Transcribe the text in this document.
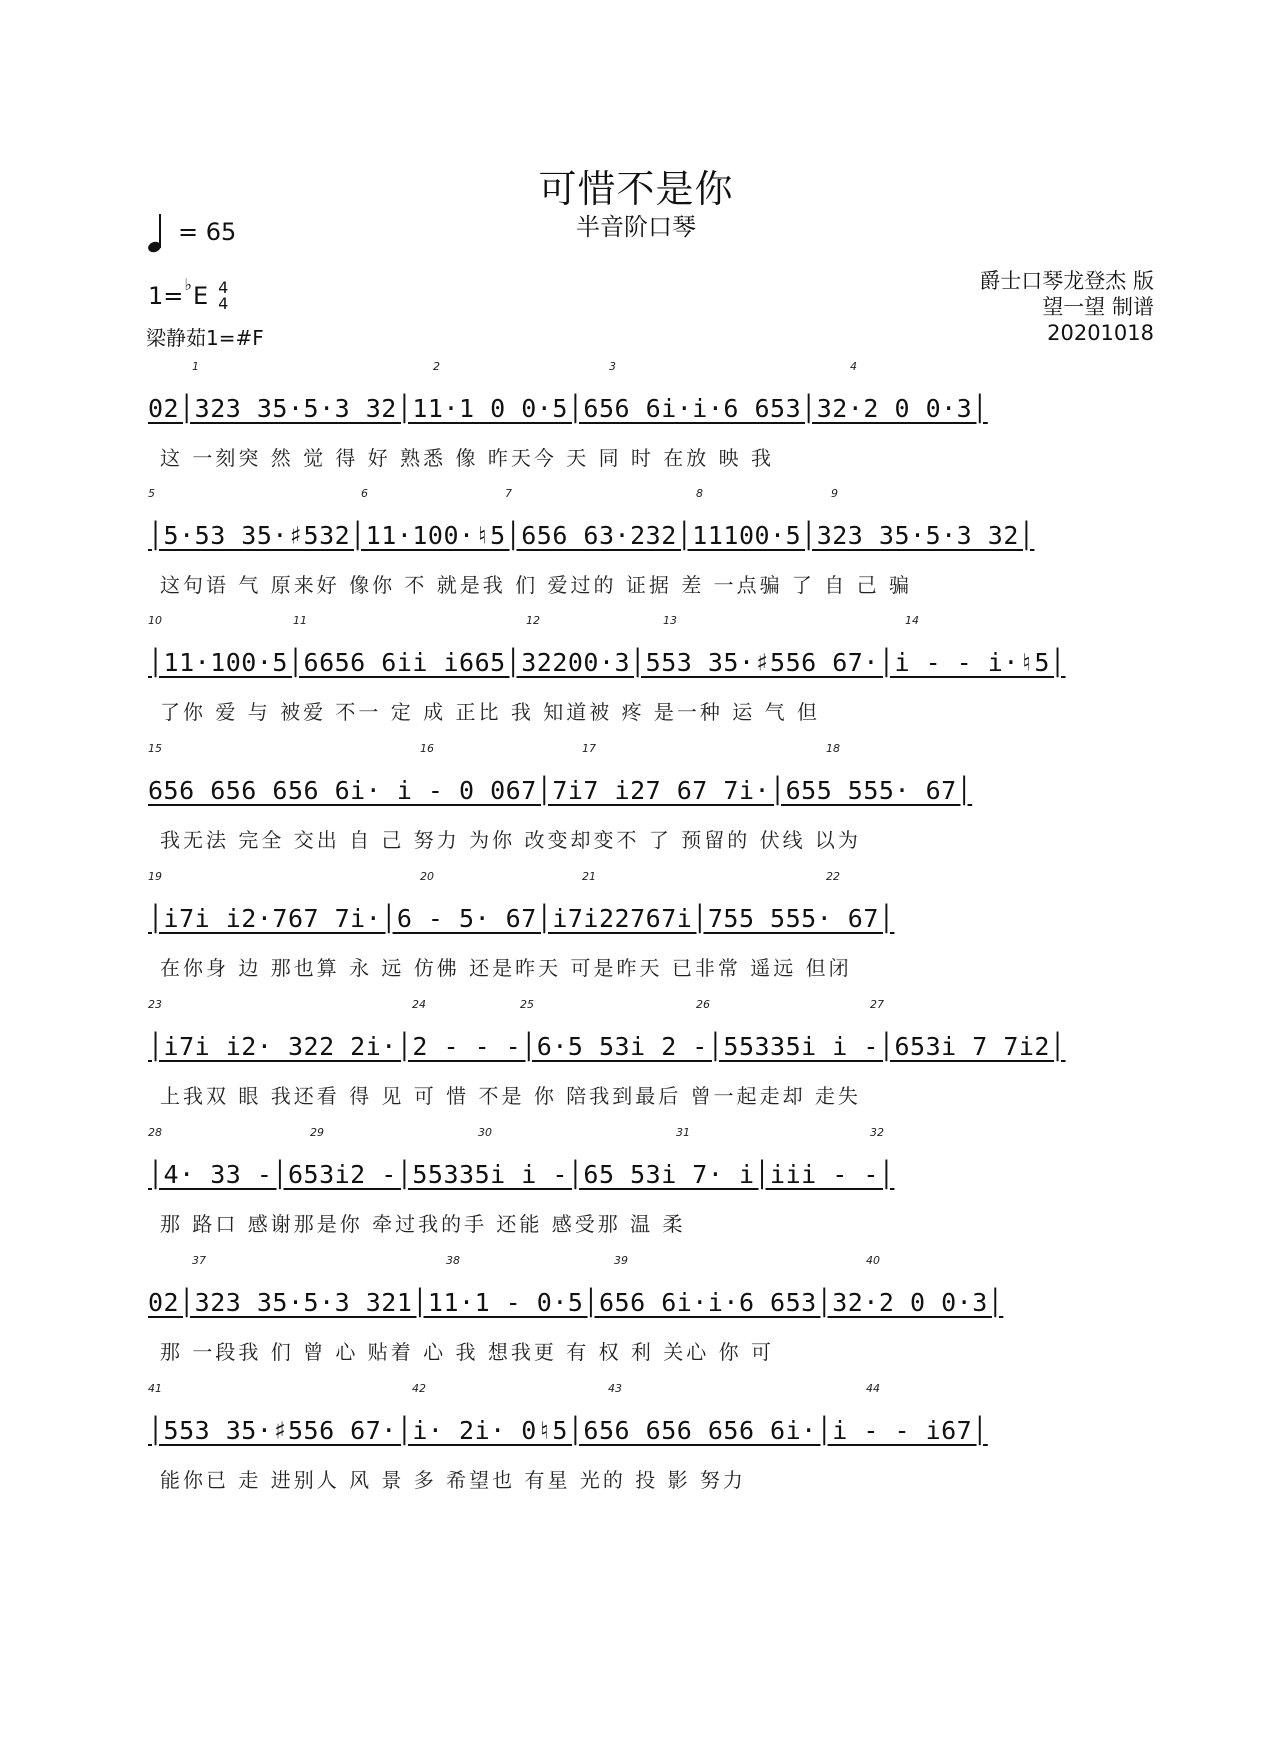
可惜不是你
半音阶口琴
= 65
1= ♭ E 4
4
梁静茹1=#F
爵士口琴龙登杰 版
望一望 制谱
20201018
1	2	3	4
02│323 35·5·3 32│11·1 0 0·5│656 6i·i·6 653│32·2 0 0·3│
这 一刻突 然 觉 得 好 熟悉 像 昨天今 天 同 时 在放 映 我
5	6	7	8	9
│5·53 35·♯532│11·100·♮5│656 63·232│11100·5│323 35·5·3 32│
这句语 气 原来好 像你 不 就是我 们 爱过的 证据 差 一点骗 了 自 己 骗
10	11	12	13	14
│11·100·5│6656 6ii i665│32200·3│553 35·♯556 67·│i - - i·♮5│
了你 爱 与 被爱 不一 定 成 正比 我 知道被 疼 是一种 运 气 但
15	16	17	18
656 656 656 6i· i - 0 067│7i7 i27 67 7i·│655 555· 67│
我无法 完全 交出 自 己 努力 为你 改变却变不 了 预留的 伏线 以为
19	20	21	22
│i7i i2·767 7i·│6 - 5· 67│i7i22767i│755 555· 67│
在你身 边 那也算 永 远 仿佛 还是昨天 可是昨天 已非常 遥远 但闭
23	24	25	26	27
│i7i i2· 322 2i·│2 - - -│6·5 53i 2 -│55335i i -│653i 7 7i2│
上我双 眼 我还看 得 见 可 惜 不是 你 陪我到最后 曾一起走却 走失
28	29	30	31	32
│4· 33 -│653i2 -│55335i i -│65 53i 7· i│iii - -│
那 路口 感谢那是你 牵过我的手 还能 感受那 温 柔
37	38	39	40
02│323 35·5·3 321│11·1 - 0·5│656 6i·i·6 653│32·2 0 0·3│
那 一段我 们 曾 心 贴着 心 我 想我更 有 权 利 关心 你 可
41	42	43	44
│553 35·♯556 67·│i· 2i· 0♮5│656 656 656 6i·│i - - i67│
能你已 走 进别人 风 景 多 希望也 有星 光的 投 影 努力
